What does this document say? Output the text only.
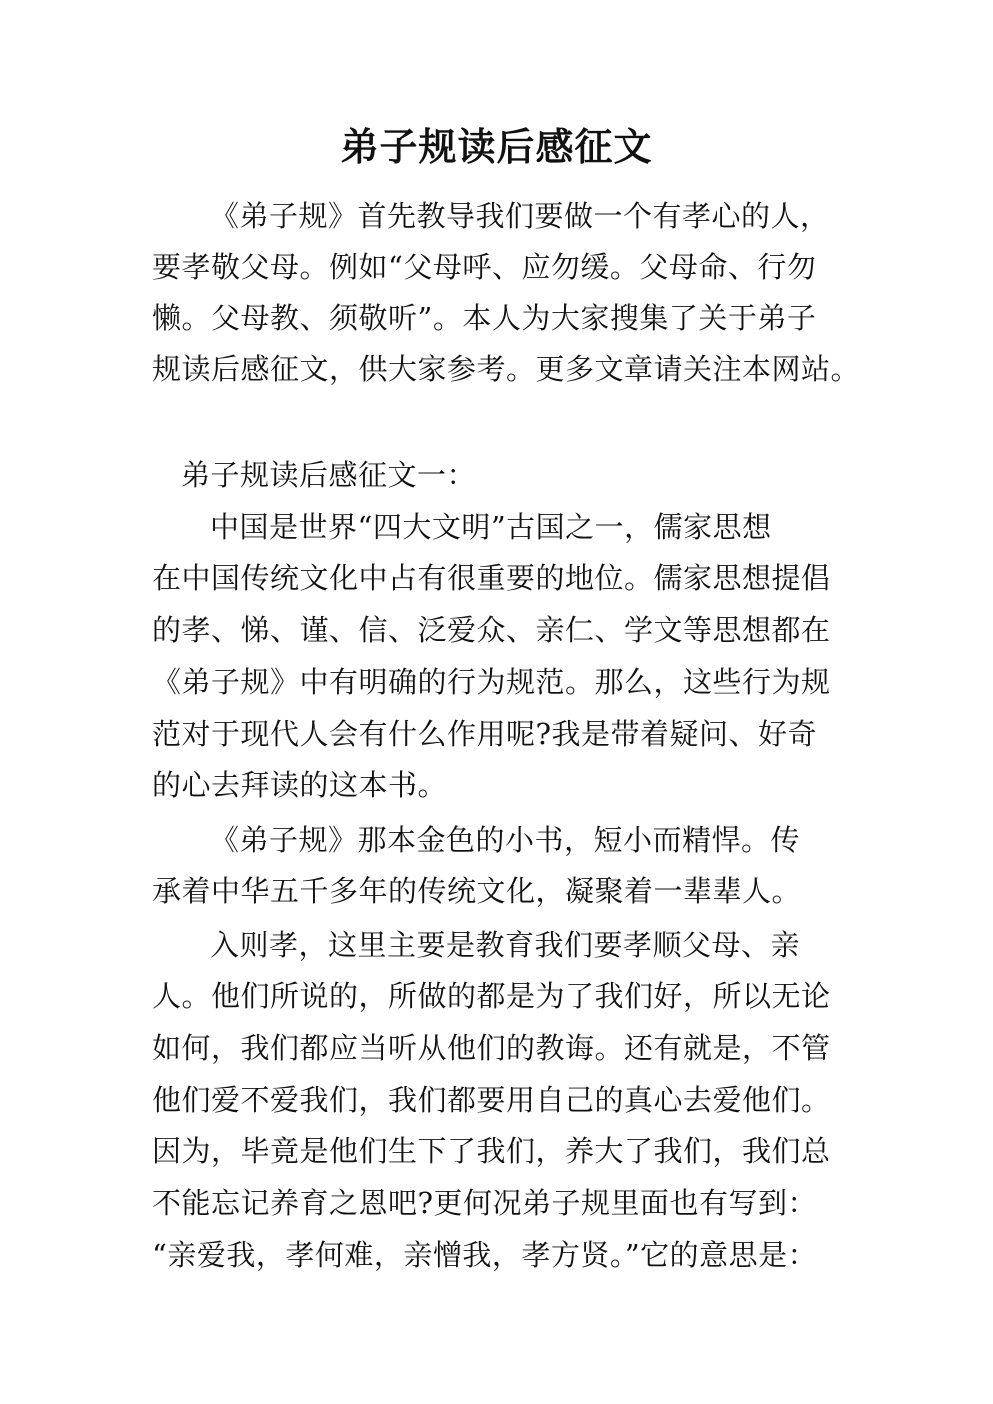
弟子规读后感征文
《弟子规》首先教导我们要做一个有孝心的人，
要孝敬父母。例如“父母呼、应勿缓。父母命、行勿
懒。父母教、须敬听”。本人为大家搜集了关于弟子
规读后感征文，供大家参考。更多文章请关注本网站。
弟子规读后感征文一：
中国是世界“四大文明”古国之一，儒家思想
在中国传统文化中占有很重要的地位。儒家思想提倡
的孝、悌、谨、信、泛爱众、亲仁、学文等思想都在
《弟子规》中有明确的行为规范。那么，这些行为规
范对于现代人会有什么作用呢?我是带着疑问、好奇
的心去拜读的这本书。
《弟子规》那本金色的小书，短小而精悍。传
承着中华五千多年的传统文化，凝聚着一辈辈人。
入则孝，这里主要是教育我们要孝顺父母、亲
人。他们所说的，所做的都是为了我们好，所以无论
如何，我们都应当听从他们的教诲。还有就是，不管
他们爱不爱我们，我们都要用自己的真心去爱他们。
因为，毕竟是他们生下了我们，养大了我们，我们总
不能忘记养育之恩吧?更何况弟子规里面也有写到：
“亲爱我，孝何难，亲憎我，孝方贤。”它的意思是：
